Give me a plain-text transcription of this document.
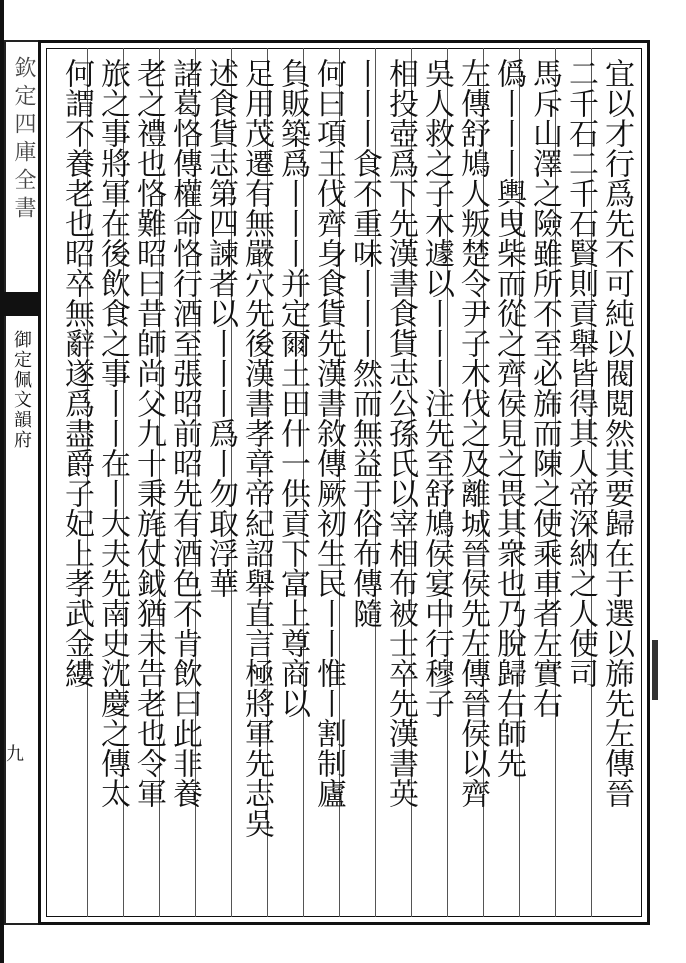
欽定四庫全書
御定佩文韻府
九	宜以才行爲先不可純以閥閲然其要歸在于選以旆先左傳晉
二千石二千石賢則貢舉皆得其人帝深納之人使司
馬斥山澤之險雖所不至必旆而陳之使乘車者左實右
僞丨丨丨輿曳柴而從之齊侯見之畏其衆也乃脫歸右師先
左傳舒鳩人叛楚令尹子木伐之及離城晉侯先左傳晉侯以齊
吳人救之子木遽以丨丨丨注先至舒鳩侯宴中行穆子
相投壺爲下先漢書食貨志公孫氏以宰相布被士卒先漢書英
丨丨丨食不重味丨丨丨然而無益于俗布傳隨
何曰項王伐齊身食貨先漢書敘傳厥初生民丨丨惟丨割制廬
負販築爲丨丨丨并定爾土田什一供貢下富上尊商以
足用茂遷有無嚴穴先後漢書孝章帝紀詔舉直言極將軍先志吳
述食貨志第四諫者以丨丨丨爲丨勿取浮華
諸葛恪傳權命恪行酒至張昭前昭先有酒色不肯飲曰此非養
老之禮也恪難昭曰昔師尚父九十秉旄仗鉞猶未告老也令軍
旅之事將軍在後飲食之事丨丨在丨大夫先南史沈慶之傳太
何謂不養老也昭卒無辭遂爲盡爵子妃上孝武金縷
